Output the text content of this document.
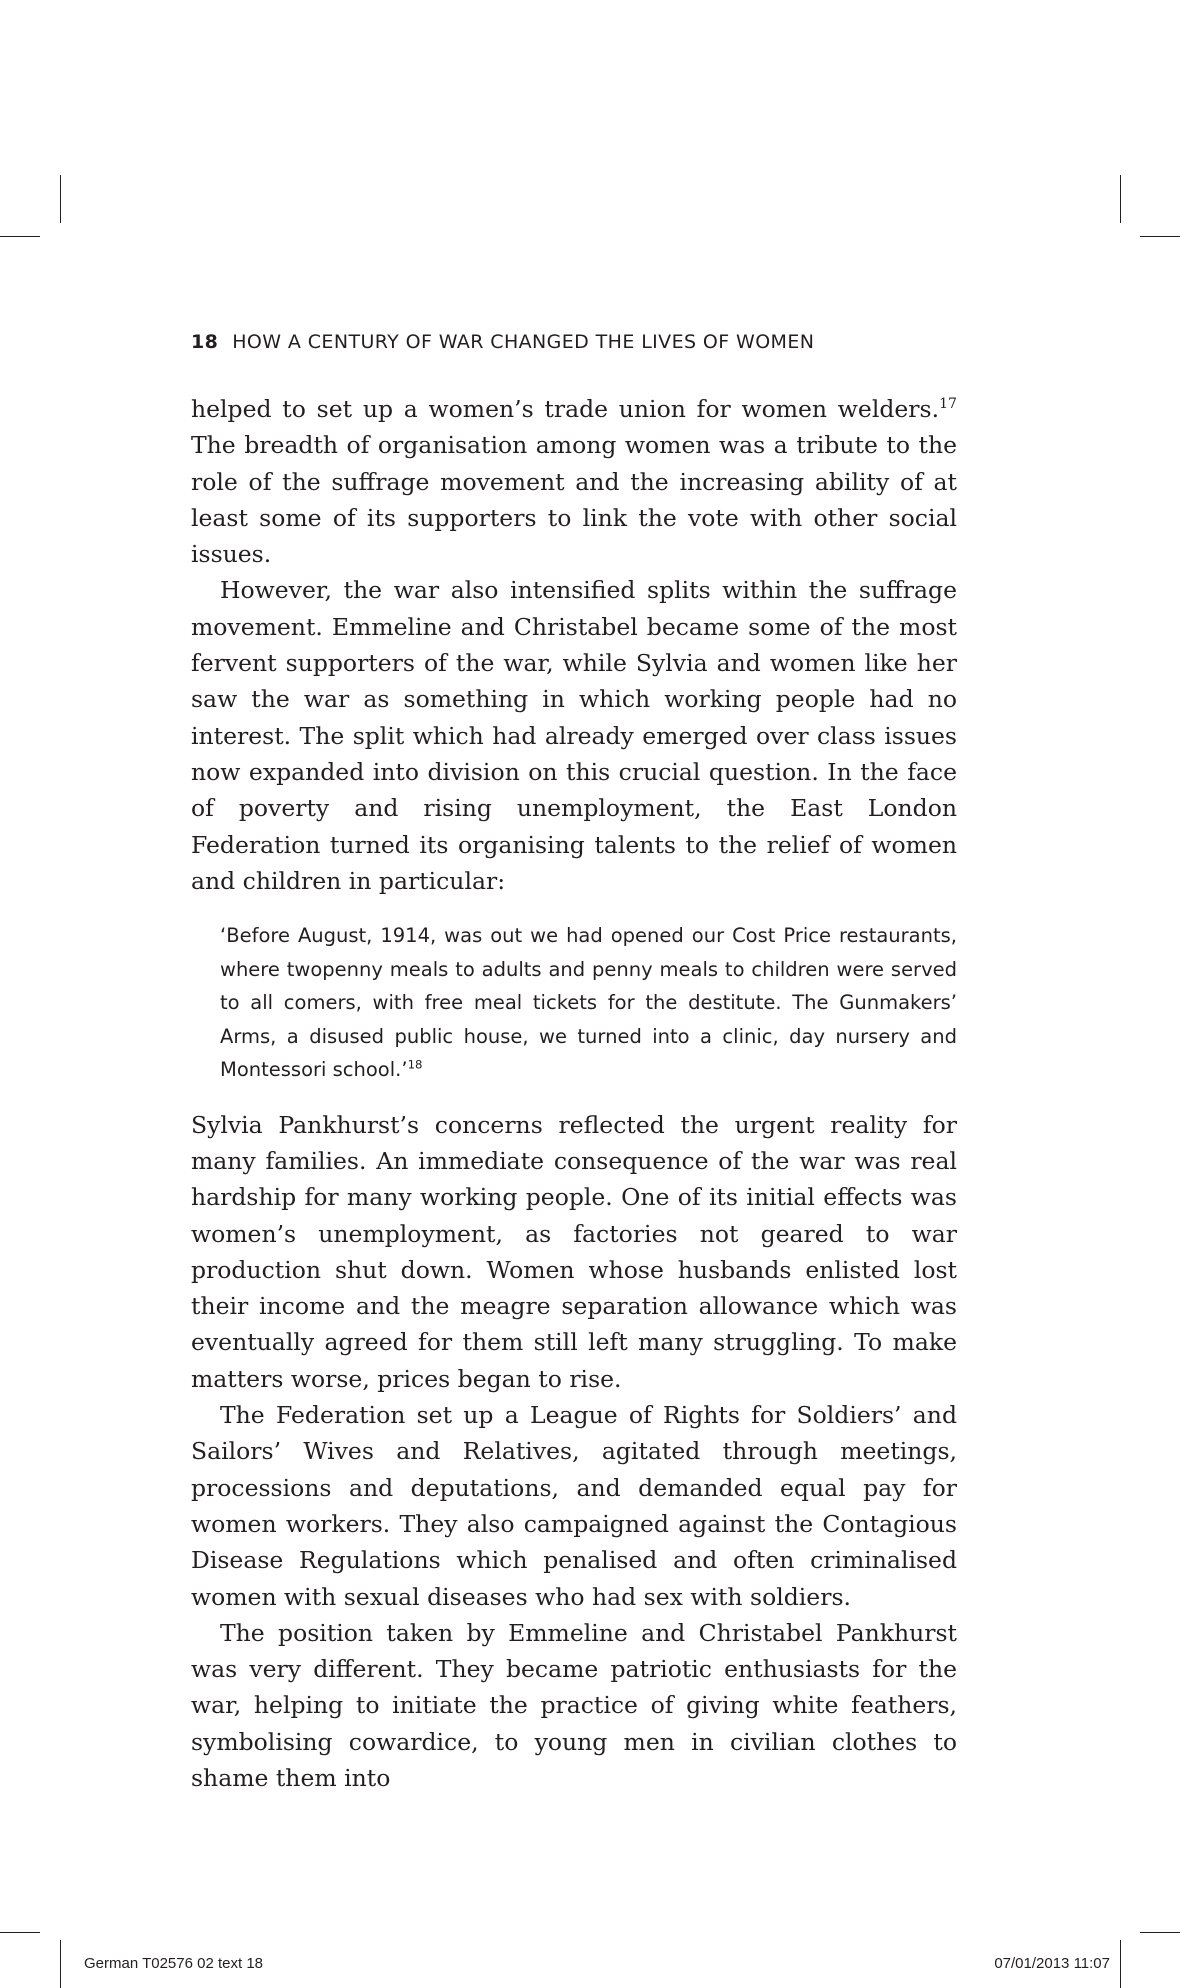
18 HOW A CENTURY OF WAR CHANGED THE LIVES OF WOMEN

helped to set up a women’s trade union for women welders.$^{17}$ The breadth of organisation among women was a tribute to the role of the suffrage movement and the increasing ability of at least some of its supporters to link the vote with other social issues.

However, the war also intensified splits within the suffrage movement. Emmeline and Christabel became some of the most fervent supporters of the war, while Sylvia and women like her saw the war as something in which working people had no interest. The split which had already emerged over class issues now expanded into division on this crucial question. In the face of poverty and rising unemployment, the East London Federation turned its organising talents to the relief of women and children in particular:

‘Before August, 1914, was out we had opened our Cost Price restaurants, where twopenny meals to adults and penny meals to children were served to all comers, with free meal tickets for the destitute. The Gunmakers’ Arms, a disused public house, we turned into a clinic, day nursery and Montessori school.’$^{18}$

Sylvia Pankhurst’s concerns reflected the urgent reality for many families. An immediate consequence of the war was real hardship for many working people. One of its initial effects was women’s unemployment, as factories not geared to war production shut down. Women whose husbands enlisted lost their income and the meagre separation allowance which was eventually agreed for them still left many struggling. To make matters worse, prices began to rise.

The Federation set up a League of Rights for Soldiers’ and Sailors’ Wives and Relatives, agitated through meetings, processions and deputations, and demanded equal pay for women workers. They also campaigned against the Contagious Disease Regulations which penalised and often criminalised women with sexual diseases who had sex with soldiers.

The position taken by Emmeline and Christabel Pankhurst was very different. They became patriotic enthusiasts for the war, helping to initiate the practice of giving white feathers, symbolising cowardice, to young men in civilian clothes to shame them into

German T02576 02 text 18	07/01/2013 11:07
